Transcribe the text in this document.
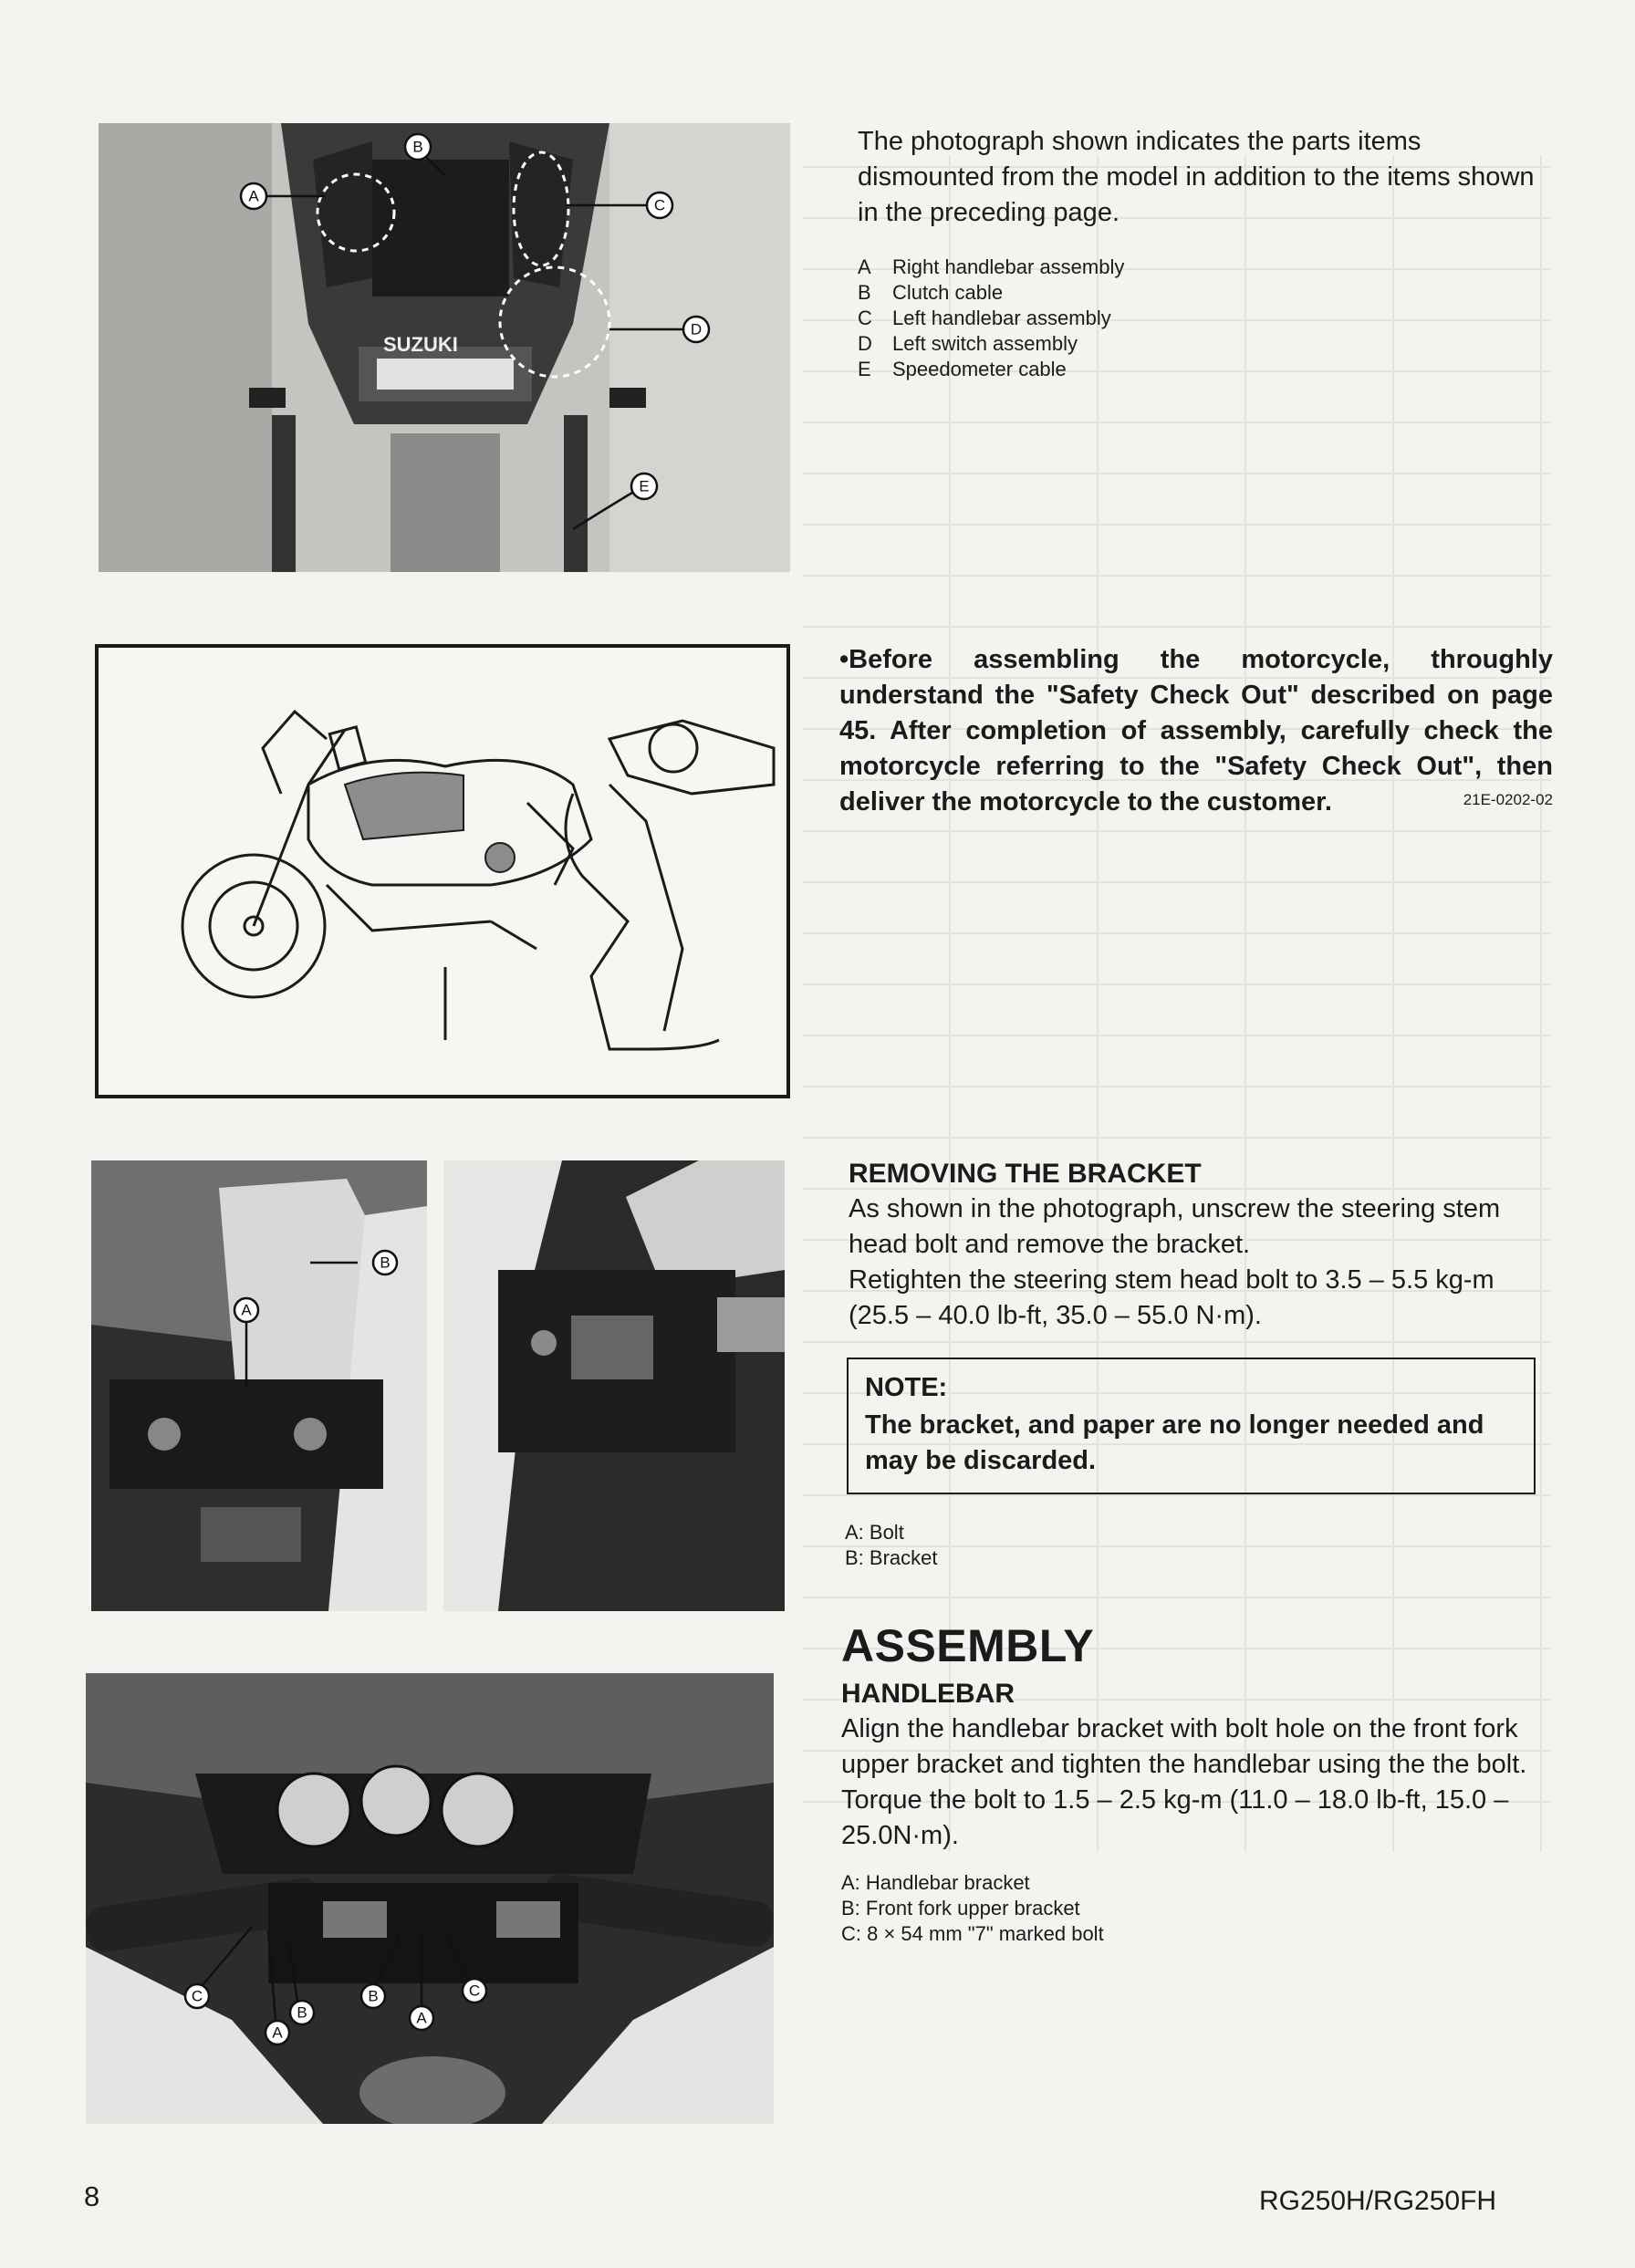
SUZUKI
A
B
C
D
E

The photograph shown indicates the parts items dismounted from the model in addition to the items shown in the preceding page.

A	Right handlebar assembly
B	Clutch cable
C	Left handlebar assembly
D	Left switch assembly
E	Speedometer cable

•Before assembling the motorcycle, throughly understand the "Safety Check Out" described on page 45. After completion of assembly, carefully check the motorcycle referring to the "Safety Check Out", then deliver the motorcycle to the customer.	21E-0202-02
A
B
REMOVING THE BRACKET

As shown in the photograph, unscrew the steering stem head bolt and remove the bracket.

Retighten the steering stem head bolt to 3.5 – 5.5 kg-m (25.5 – 40.0 lb-ft, 35.0 – 55.0 N·m).

NOTE:
The bracket, and paper are no longer needed and may be discarded.
A: Bolt
B: Bracket
ASSEMBLY
HANDLEBAR

Align the handlebar bracket with bolt hole on the front fork upper bracket and tighten the handlebar using the the bolt.

Torque the bolt to 1.5 – 2.5 kg-m (11.0 – 18.0 lb-ft, 15.0 – 25.0N·m).

A: Handlebar bracket
B: Front fork upper bracket
C: 8 × 54 mm "7" marked bolt
C
A
B
B
A
C
8	RG250H/RG250FH
